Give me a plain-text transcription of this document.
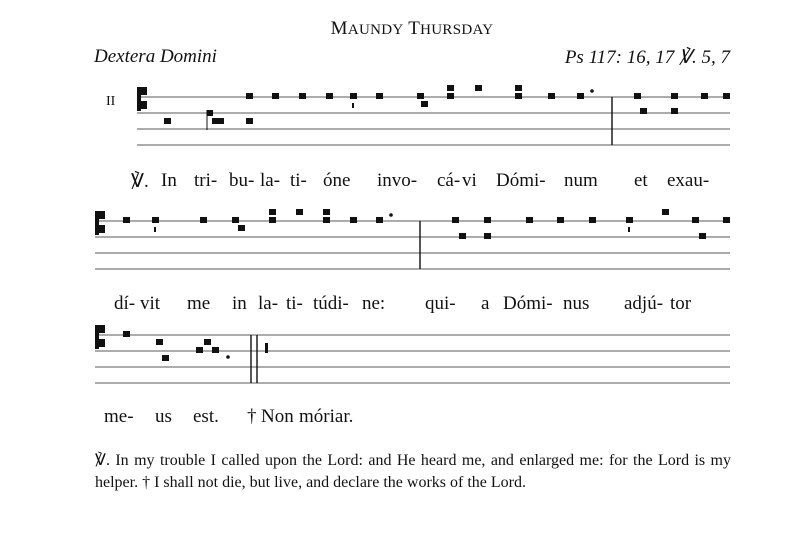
MAUNDY THURSDAY
Dextera Domini	Ps 117: 16, 17 ℣. 5, 7
II
℣. In tri- bu- la- ti- óne invo- cá- vi Dómi- num et exau-
dí- vit me in la- ti- túdi- ne: qui- a Dómi- nus adjú- tor
me- us est. † Non móriar.
℣. In my trouble I called upon the Lord: and He heard me, and enlarged me: for the Lord is my helper. † I shall not die, but live, and declare the works of the Lord.
